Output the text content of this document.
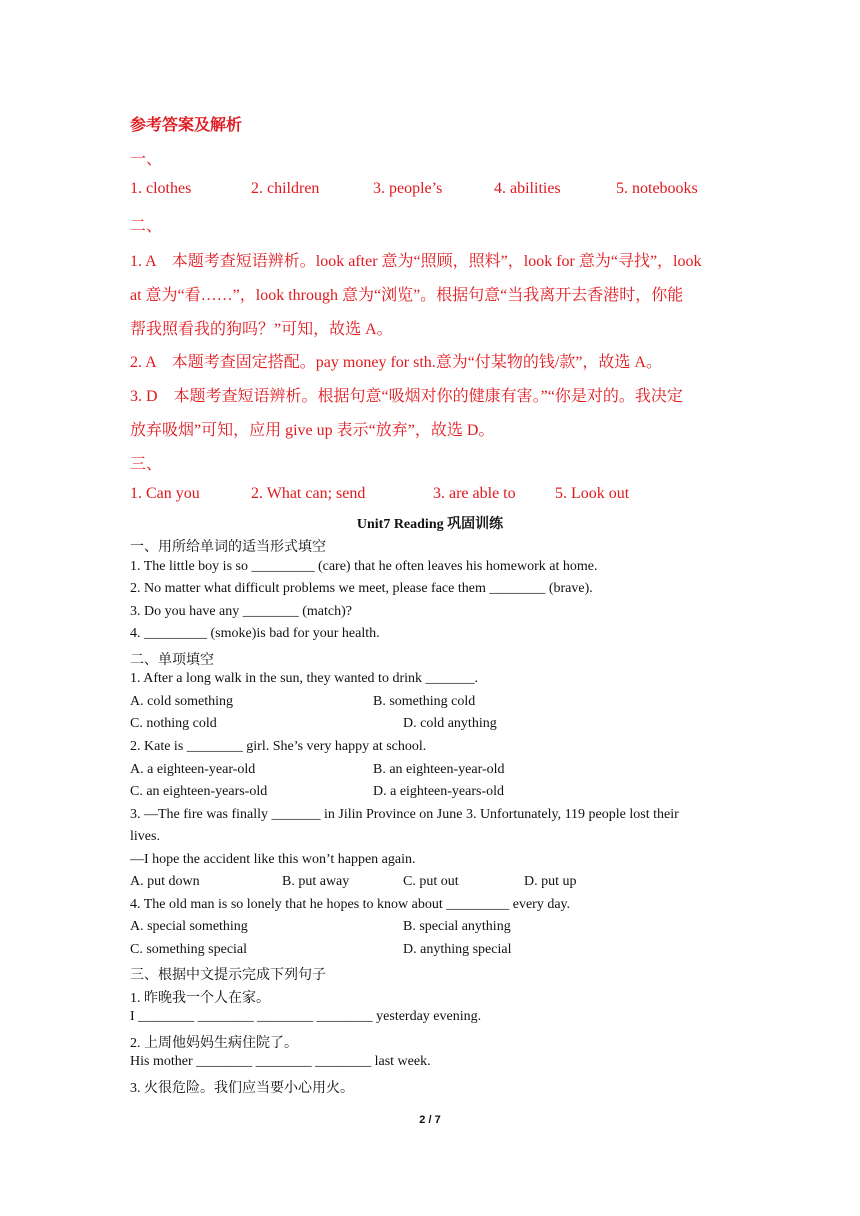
参考答案及解析
一、
1. clothes	2. children	3. people’s	4. abilities	5. notebooks
二、
1. A　本题考查短语辨析。look after 意为“照顾，照料”，look for 意为“寻找”，look
at 意为“看……”，look through 意为“浏览”。根据句意“当我离开去香港时，你能
帮我照看我的狗吗？”可知，故选 A。
2. A　本题考查固定搭配。pay money for sth.意为“付某物的钱/款”，故选 A。
3. D　本题考查短语辨析。根据句意“吸烟对你的健康有害。”“你是对的。我决定
放弃吸烟”可知，应用 give up 表示“放弃”，故选 D。
三、
1. Can you	2. What can; send	3. are able to 5. Look out
Unit7 Reading 巩固训练
一、用所给单词的适当形式填空
1. The little boy is so _________ (care) that he often leaves his homework at home.
2. No matter what difficult problems we meet, please face them ________ (brave).
3. Do you have any ________ (match)?
4. _________ (smoke)is bad for your health.
二、单项填空
1. After a long walk in the sun, they wanted to drink _______.
A. cold something	B. something cold
C. nothing cold	D. cold anything
2. Kate is ________ girl. She’s very happy at school.
A. a eighteen-year-old	B. an eighteen-year-old
C. an eighteen-years-old	D. a eighteen-years-old
3. —The fire was finally _______ in Jilin Province on June 3. Unfortunately, 119 people lost their
lives.
—I hope the accident like this won’t happen again.
A. put down	B. put away	C. put out	D. put up
4. The old man is so lonely that he hopes to know about _________ every day.
A. special something	B. special anything
C. something special	D. anything special
三、根据中文提示完成下列句子
1. 昨晚我一个人在家。
I ________ ________ ________ ________ yesterday evening.
2. 上周他妈妈生病住院了。
His mother ________ ________ ________ last week.
3. 火很危险。我们应当要小心用火。
2 / 7
